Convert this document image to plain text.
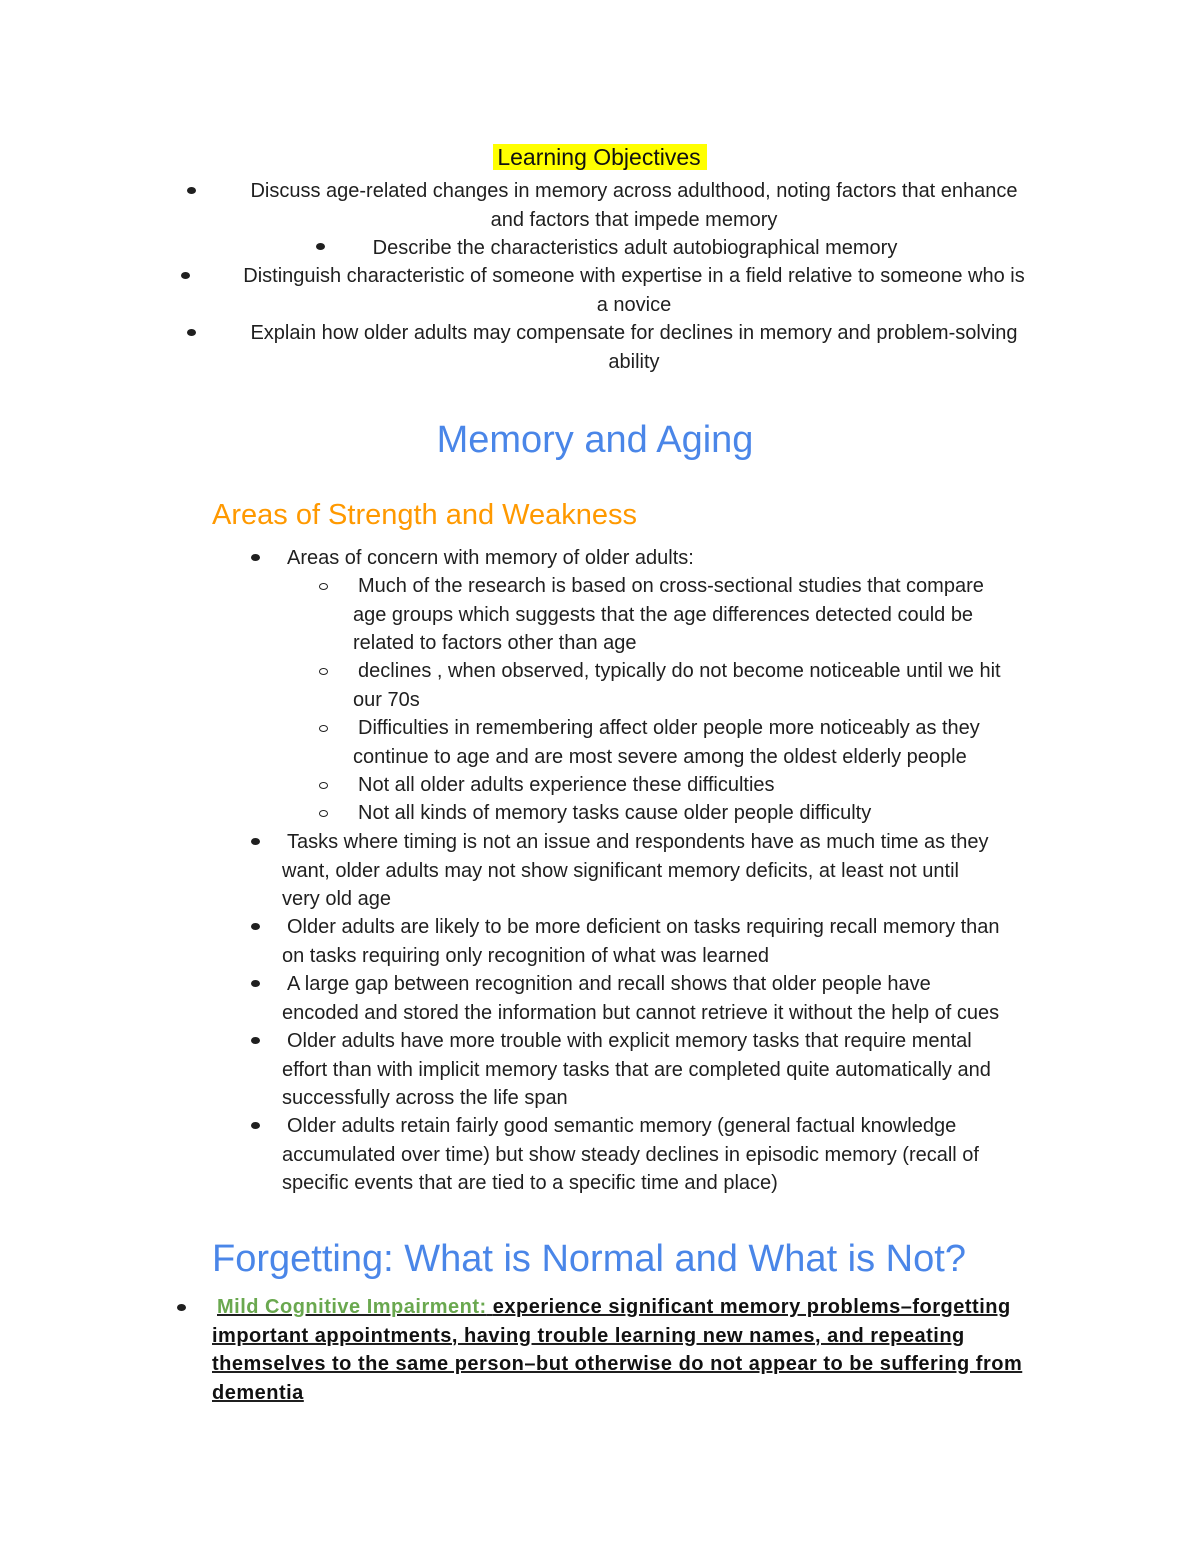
Learning Objectives
Discuss age-related changes in memory across adulthood, noting factors that enhance
and factors that impede memory
Describe the characteristics adult autobiographical memory
Distinguish characteristic of someone with expertise in a field relative to someone who is
a novice
Explain how older adults may compensate for declines in memory and problem-solving
ability
Memory and Aging
Areas of Strength and Weakness
Areas of concern with memory of older adults:
Much of the research is based on cross-sectional studies that compare
age groups which suggests that the age differences detected could be
related to factors other than age
declines , when observed, typically do not become noticeable until we hit
our 70s
Difficulties in remembering affect older people more noticeably as they
continue to age and are most severe among the oldest elderly people
Not all older adults experience these difficulties
Not all kinds of memory tasks cause older people difficulty
Tasks where timing is not an issue and respondents have as much time as they
want, older adults may not show significant memory deficits, at least not until
very old age
Older adults are likely to be more deficient on tasks requiring recall memory than
on tasks requiring only recognition of what was learned
A large gap between recognition and recall shows that older people have
encoded and stored the information but cannot retrieve it without the help of cues
Older adults have more trouble with explicit memory tasks that require mental
effort than with implicit memory tasks that are completed quite automatically and
successfully across the life span
Older adults retain fairly good semantic memory (general factual knowledge
accumulated over time) but show steady declines in episodic memory (recall of
specific events that are tied to a specific time and place)
Forgetting: What is Normal and What is Not?
Mild Cognitive Impairment: experience significant memory problems–forgetting
important appointments, having trouble learning new names, and repeating
themselves to the same person–but otherwise do not appear to be suffering from
dementia
